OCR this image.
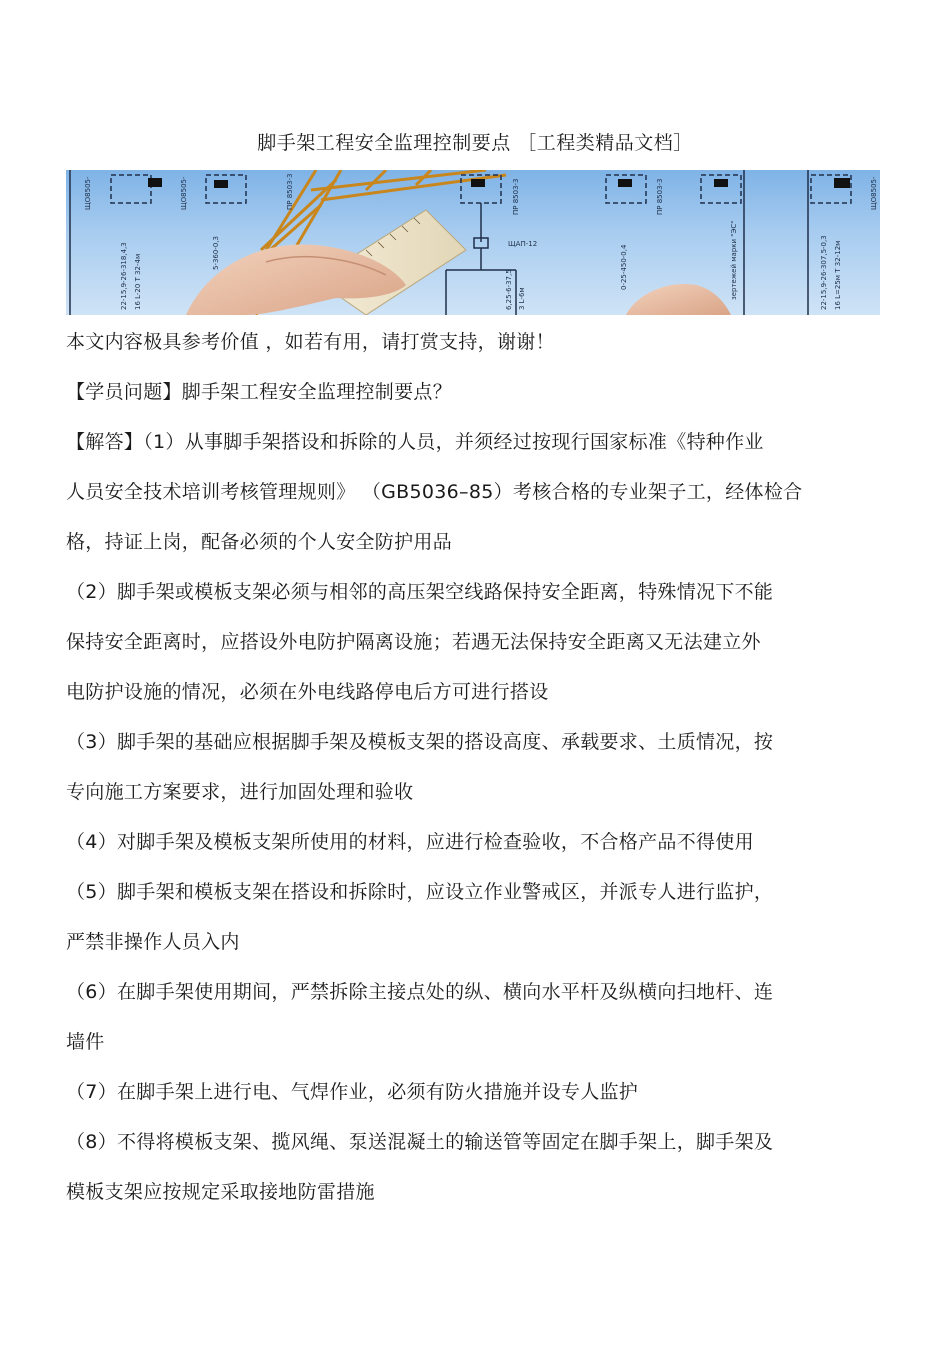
脚手架工程安全监理控制要点 ［工程类精品文档］
ЩО8505-
22-15,9-26-318,4,3 16 L-20 T 32-4м
ЩО8505-
5-360-0,3
ПР 8503-3
ЩАП-12
6,25-6-37,5 3 L-6м
ПР 8503-3
0-25-450-0,4
ПР 8503-3
зертежей марки "ЭС"
ЩО8505-
22-15,9-26-307,5-0,3 16 L=25м T 32-12м

本文内容极具参考价值 ，如若有用，请打赏支持，谢谢！

【学员问题】脚手架工程安全监理控制要点？

【解答】（1）从事脚手架搭设和拆除的人员，并须经过按现行国家标准《特种作业

人员安全技术培训考核管理规则》 （GB5036–85）考核合格的专业架子工，经体检合

格，持证上岗，配备必须的个人安全防护用品

（2）脚手架或模板支架必须与相邻的高压架空线路保持安全距离，特殊情况下不能

保持安全距离时，应搭设外电防护隔离设施；若遇无法保持安全距离又无法建立外

电防护设施的情况，必须在外电线路停电后方可进行搭设

（3）脚手架的基础应根据脚手架及模板支架的搭设高度、承载要求、土质情况，按

专向施工方案要求，进行加固处理和验收

（4）对脚手架及模板支架所使用的材料，应进行检查验收，不合格产品不得使用

（5）脚手架和模板支架在搭设和拆除时，应设立作业警戒区，并派专人进行监护，

严禁非操作人员入内

（6）在脚手架使用期间，严禁拆除主接点处的纵、横向水平杆及纵横向扫地杆、连

墙件

（7）在脚手架上进行电、气焊作业，必须有防火措施并设专人监护

（8）不得将模板支架、揽风绳、泵送混凝土的输送管等固定在脚手架上，脚手架及

模板支架应按规定采取接地防雷措施
